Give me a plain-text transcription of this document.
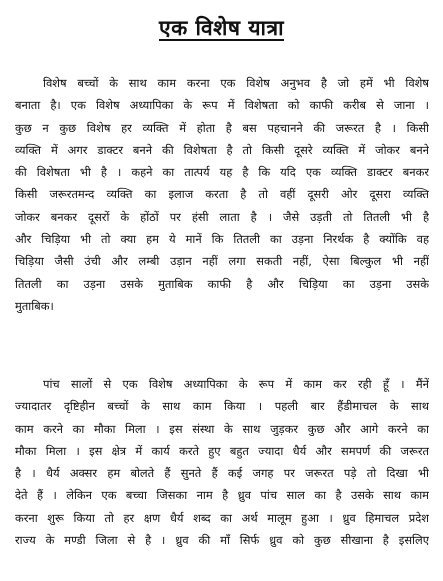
एक विशेष यात्रा
विशेष बच्चों के साथ काम करना एक विशेष अनुभव है जो हमें भी विशेष
बनाता है। एक विशेष अध्यापिका के रूप में विशेषता को काफी करीब से जाना ।
कुछ न कुछ विशेष हर व्यक्ति में होता है बस पहचानने की जरूरत है । किसी
व्यक्ति में अगर डाक्टर बनने की विशेषता है तो किसी दूसरे व्यक्ति में जोकर बनने
की विशेषता भी है । कहने का तात्पर्य यह है कि यदि एक व्यक्ति डाक्टर बनकर
किसी जरूरतमन्द व्यक्ति का इलाज करता है तो वहीं दूसरी ओर दूसरा व्यक्ति
जोकर बनकर दूसरों के होंठों पर हंसी लाता है । जैसे उड़ती तो तितली भी है
और चिड़िया भी तो क्या हम ये मानें कि तितली का उड़ना निरर्थक है क्योंकि वह
चिड़िया जैसी उंची और लम्बी उड़ान नहीं लगा सकती नहीं, ऐसा बिल्कुल भी नहीं
तितली का उड़ना उसके मुताबिक काफी है और चिड़िया का उड़ना उसके
मुताबिक।
पांच सालों से एक विशेष अध्यापिका के रूप में काम कर रही हूँ । मैंनें
ज्यादातर दृष्टिहीन बच्चों के साथ काम किया । पहली बार हैंडीमाचल के साथ
काम करने का मौका मिला । इस संस्था के साथ जुड़कर कुछ और आगे करने का
मौका मिला । इस क्षेत्र में कार्य करते हुए बहुत ज्यादा धैर्य और समपर्ण की जरूरत
है । धैर्य अक्सर हम बोलते हैं सुनते हैं कई जगह पर जरूरत पड़े तो दिखा भी
देते हैं । लेकिन एक बच्चा जिसका नाम है ध्रुव पांच साल का है उसके साथ काम
करना शुरू किया तो हर क्षण धैर्य शब्द का अर्थ मालूम हुआ । ध्रुव हिमाचल प्रदेश
राज्य के मण्डी जिला से है । ध्रुव की माँ सिर्फ ध्रुव को कुछ सीखाना है इसलिए
